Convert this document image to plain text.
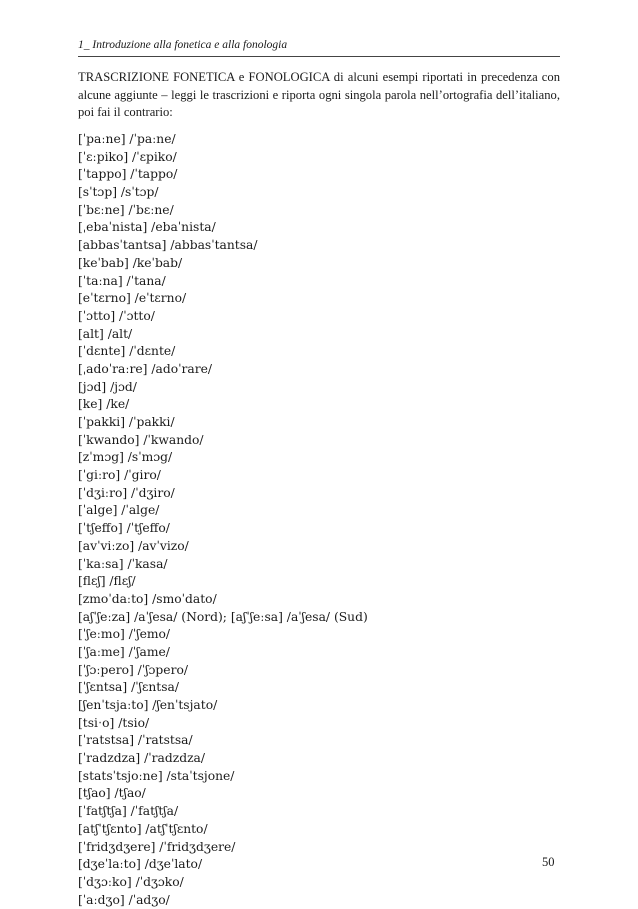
1_ Introduzione alla fonetica e alla fonologia

TRASCRIZIONE FONETICA e FONOLOGICA di alcuni esempi riportati in precedenza con alcune aggiunte – leggi le trascrizioni e riporta ogni singola parola nell’ortografia dell’italiano, poi fai il contrario:

[ˈpaːne] /ˈpaːne/
[ˈɛːpiko] /ˈɛpiko/
[ˈtappo] /ˈtappo/
[sˈtɔp] /sˈtɔp/
[ˈbɛːne] /ˈbɛːne/
[ˌebaˈnista] /ebaˈnista/
[abbasˈtantsa] /abbasˈtantsa/
[keˈbab] /keˈbab/
[ˈtaːna] /ˈtana/
[eˈtɛrno] /eˈtɛrno/
[ˈɔtto] /ˈɔtto/
[alt] /alt/
[ˈdɛnte] /ˈdɛnte/
[ˌadoˈraːre] /adoˈrare/
[jɔd] /jɔd/
[ke] /ke/
[ˈpakki] /ˈpakki/
[ˈkwando] /ˈkwando/
[zˈmɔg] /sˈmɔg/
[ˈgiːro] /ˈgiro/
[ˈdʒiːro] /ˈdʒiro/
[ˈalge] /ˈalge/
[ˈtʃeffo] /ˈtʃeffo/
[avˈviːzo] /avˈvizo/
[ˈkaːsa] /ˈkasa/
[flɛʃ] /flɛʃ/
[zmoˈdaːto] /smoˈdato/
[aʃˈʃeːza] /aˈʃesa/ (Nord); [aʃˈʃeːsa] /aˈʃesa/ (Sud)
[ˈʃeːmo] /ˈʃemo/
[ˈʃaːme] /ˈʃame/
[ˈʃɔːpero] /ˈʃɔpero/
[ˈʃɛntsa] /ˈʃɛntsa/
[ʃenˈtsjaːto] /ʃenˈtsjato/
[tsiˑo] /tsio/
[ˈratstsa] /ˈratstsa/
[ˈradzdza] /ˈradzdza/
[statsˈtsjoːne] /staˈtsjone/
[tʃao] /tʃao/
[ˈfatʃtʃa] /ˈfatʃtʃa/
[atʃˈtʃɛnto] /atʃˈtʃɛnto/
[ˈfridʒdʒere] /ˈfridʒdʒere/
[dʒeˈlaːto] /dʒeˈlato/
[ˈdʒɔːko] /ˈdʒɔko/
[ˈaːdʒo] /ˈadʒo/
50
